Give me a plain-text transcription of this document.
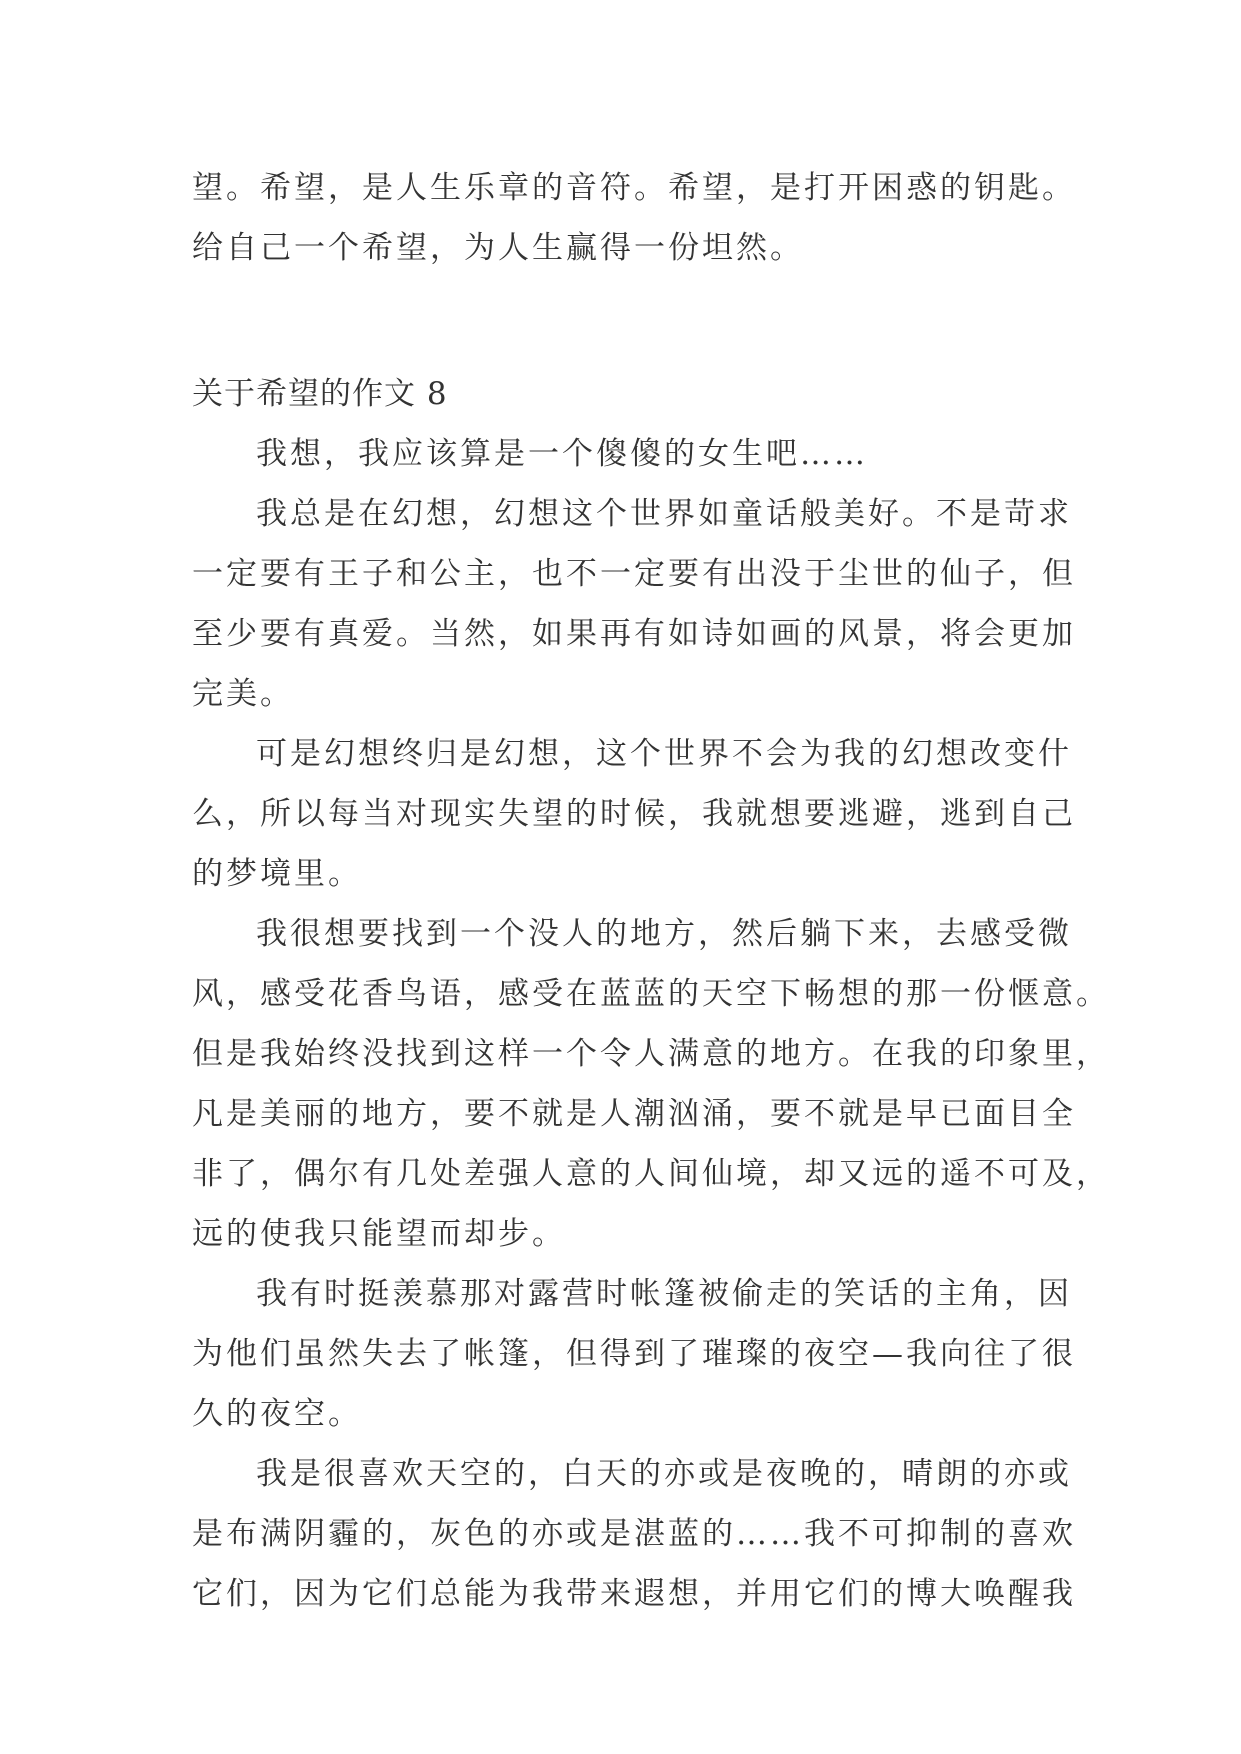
望。希望，是人生乐章的音符。希望，是打开困惑的钥匙。
给自己一个希望，为人生赢得一份坦然。
关于希望的作文 8
我想，我应该算是一个傻傻的女生吧……
我总是在幻想，幻想这个世界如童话般美好。不是苛求
一定要有王子和公主，也不一定要有出没于尘世的仙子，但
至少要有真爱。当然，如果再有如诗如画的风景，将会更加
完美。
可是幻想终归是幻想，这个世界不会为我的幻想改变什
么，所以每当对现实失望的时候，我就想要逃避，逃到自己
的梦境里。
我很想要找到一个没人的地方，然后躺下来，去感受微
风，感受花香鸟语，感受在蓝蓝的天空下畅想的那一份惬意。
但是我始终没找到这样一个令人满意的地方。在我的印象里，
凡是美丽的地方，要不就是人潮汹涌，要不就是早已面目全
非了，偶尔有几处差强人意的人间仙境，却又远的遥不可及，
远的使我只能望而却步。
我有时挺羡慕那对露营时帐篷被偷走的笑话的主角，因
为他们虽然失去了帐篷，但得到了璀璨的夜空—我向往了很
久的夜空。
我是很喜欢天空的，白天的亦或是夜晚的，晴朗的亦或
是布满阴霾的，灰色的亦或是湛蓝的……我不可抑制的喜欢
它们，因为它们总能为我带来遐想，并用它们的博大唤醒我
